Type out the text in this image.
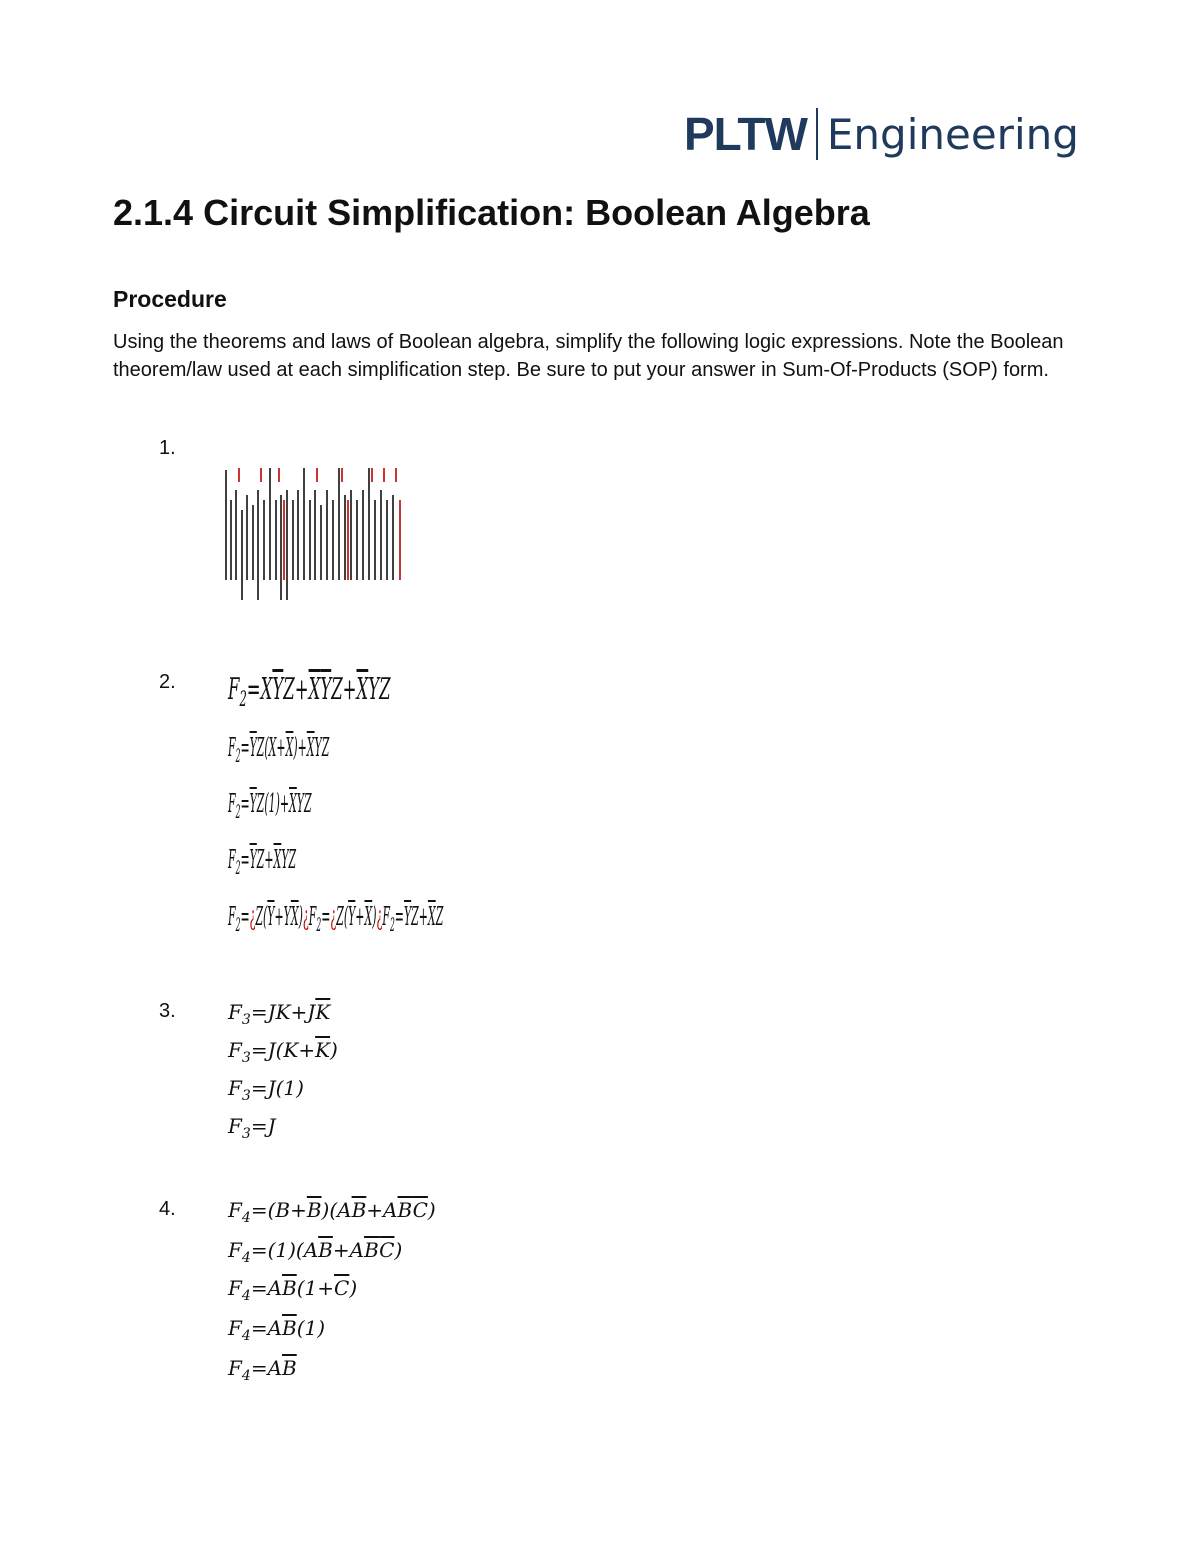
PLTW Engineering
2.1.4 Circuit Simplification: Boolean Algebra
Procedure

Using the theorems and laws of Boolean algebra, simplify the following logic expressions. Note the Boolean theorem/law used at each simplification step. Be sure to put your answer in Sum-Of-Products (SOP) form.

1.
2. $F_2=X\overline{Y}Z+\overline{X}\overline{Y}Z+\overline{X}YZ$
$F_2=\overline{Y}Z(X+\overline{X})+\overline{X}YZ$
$F_2=\overline{Y}Z(1)+\overline{X}YZ$
$F_2=\overline{Y}Z+\overline{X}YZ$
$F_2=¿Z(\overline{Y}+Y\overline{X})¿F_2=¿Z(\overline{Y}+\overline{X})¿F_2=\overline{Y}Z+\overline{X}Z$
3.	$F_3=JK+J\overline{K}$
$F_3=J(K+\overline{K})$
$F_3=J(1)$
$F_3=J$
4.	$F_4=(B+\overline{B})(A\overline{B}+A\overline{B}\overline{C})$
$F_4=(1)(A\overline{B}+A\overline{B}\overline{C})$
$F_4=A\overline{B}(1+\overline{C})$
$F_4=A\overline{B}(1)$
$F_4=A\overline{B}$
